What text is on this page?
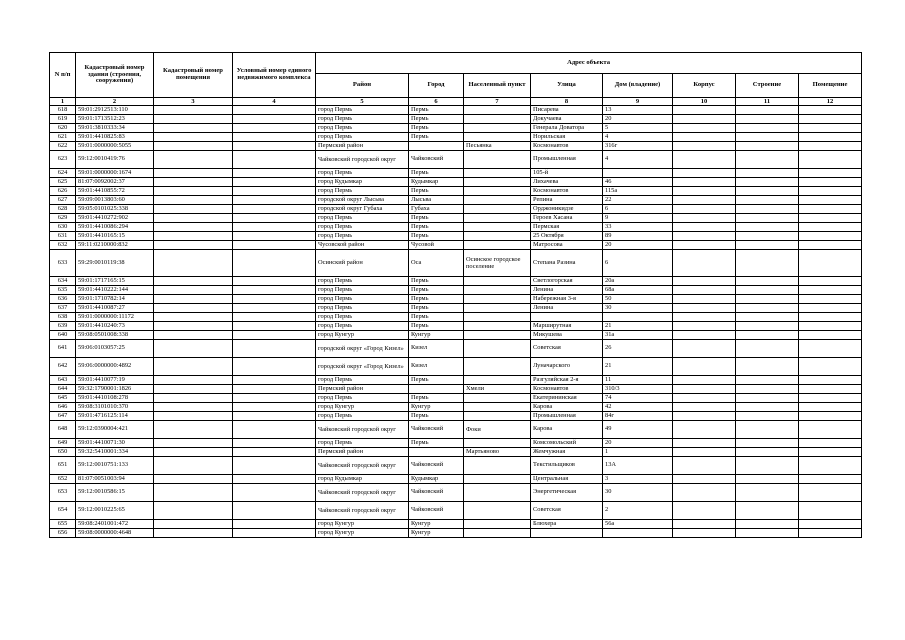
N п/п	Кадастровый номер здания (строения, сооружения)	Кадастровый номер помещения	Условный номер единого недвижимого комплекса	Адрес объекта							
				Район	Город	Населенный пункт	Улица	Дом (владение)	Корпус	Строение	Помещение
1	2	3	4	5	6	7	8	9	10	11	12
618	59:01:2912513:110			город Пермь	Пермь		Писарева	13			
619	59:01:1713512:23			город Пермь	Пермь		Докучаева	20			
620	59:01:3810333:34			город Пермь	Пермь		Генерала Доватора	5			
621	59:01:4410825:83			город Пермь	Пермь		Норильская	4			
622	59:01:0000000:5055			Пермский район		Песьянка	Космонавтов	316г			
623	59:12:0010419:76			Чайковский городской округ	Чайковский		Промышленная	4			
624	59:01:0000000:1674			город Пермь	Пермь		105-й				
625	81:07:0092002:37			город Кудымкар	Кудымкар		Лихачева	46			
626	59:01:4410855:72			город Пермь	Пермь		Космонавтов	115а			
627	59:09:0013803:60			городской округ Лысьва	Лысьва		Репина	22			
628	59:05:0101025:338			городской округ Губаха	Губаха		Орджоникидзе	6			
629	59:01:4410272:902			город Пермь	Пермь		Героев Хасана	9			
630	59:01:4410086:294			город Пермь	Пермь		Пермская	33			
631	59:01:4410165:15			город Пермь	Пермь		25 Октября	89			
632	59:11:0210000:832			Чусовской район	Чусовой		Матросова	20			
633	59:29:0010119:38			Осинский район	Оса	Осинское городское поселение	Степана Разина	6			
634	59:01:1717165:15			город Пермь	Пермь		Светлогорская	20а			
635	59:01:4410222:144			город Пермь	Пермь		Ленина	68а			
636	59:01:1710782:14			город Пермь	Пермь		Набережная 3-я	50			
637	59:01:4410087:27			город Пермь	Пермь		Ленина	30			
638	59:01:0000000:11172			город Пермь	Пермь						
639	59:01:4410240:73			город Пермь	Пермь		Марширутная	21			
640	59:08:0501008:338			город Кунгур	Кунгур		Микушева	31а			
641	59:06:0103057:25			городской округ «Город Кизел»	Кизел		Советская	26			
642	59:06:0000000:4892			городской округ «Город Кизел»	Кизел		Луначарского	21			
643	59:01:4410077:19			город Пермь	Пермь		Разгуляйская 2-я	11			
644	59:32:1790001:1826			Пермский район		Хмели	Космонавтов	310/3			
645	59:01:4410108:278			город Пермь	Пермь		Екатерининская	74			
646	59:08:3101010:370			город Кунгур	Кунгур		Карова	42			
647	59:01:4716125:114			город Пермь	Пермь		Промышленная	84г			
648	59:12:0390004:421			Чайковский городской округ	Чайковский	Фоки	Карова	49			
649	59:01:4410071:30			город Пермь	Пермь		Комсомольский	20			
650	59:32:5410001:334			Пермский район		Мартьяново	Жемчужная	1			
651	59:12:0010751:133			Чайковский городской округ	Чайковский		Текстильщиков	13А			
652	81:07:0051003:94			город Кудымкар	Кудымкар		Центральная	3			
653	59:12:0010586:15			Чайковский городской округ	Чайковский		Энергетическая	30			
654	59:12:0010225:65			Чайковский городской округ	Чайковский		Советская	2			
655	59:08:2401001:472			город Кунгур	Кунгур		Блюхера	56а			
656	59:08:0000000:4648			город Кунгур	Кунгур						
